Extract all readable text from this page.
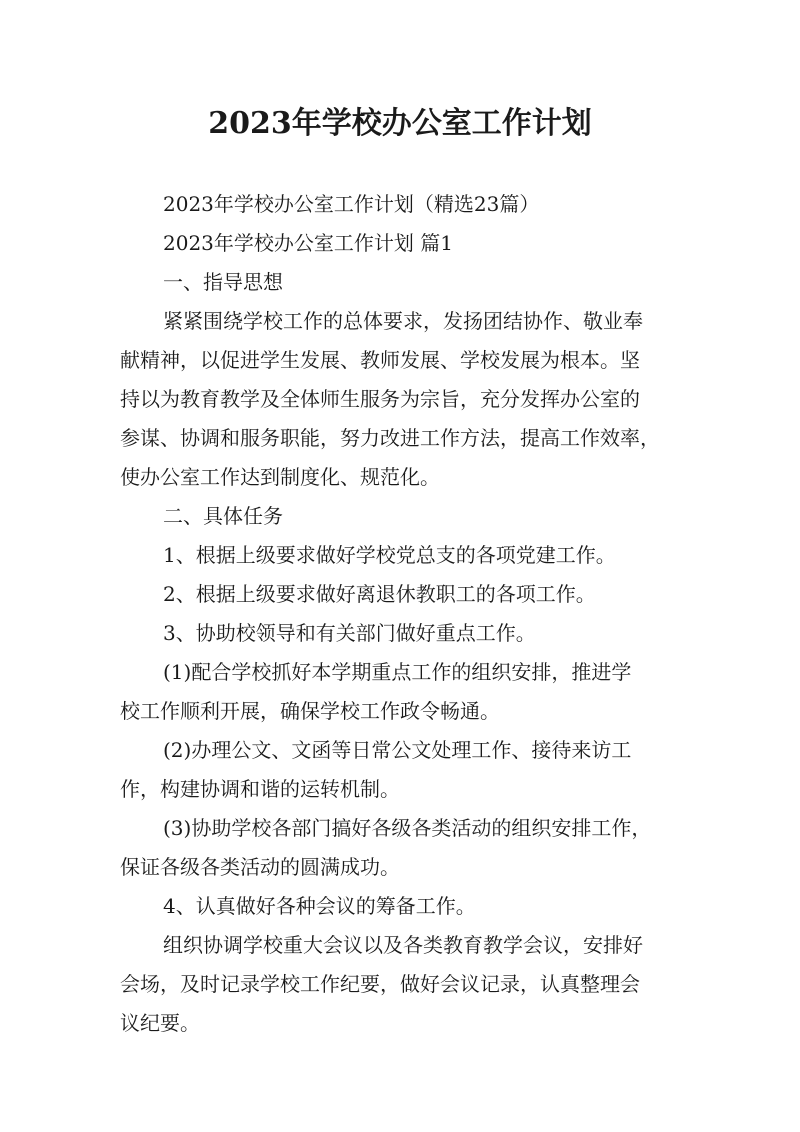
2023年学校办公室工作计划
2023年学校办公室工作计划（精选23篇）
2023年学校办公室工作计划 篇1
一、指导思想
紧紧围绕学校工作的总体要求，发扬团结协作、敬业奉
献精神，以促进学生发展、教师发展、学校发展为根本。坚
持以为教育教学及全体师生服务为宗旨，充分发挥办公室的
参谋、协调和服务职能，努力改进工作方法，提高工作效率，
使办公室工作达到制度化、规范化。
二、具体任务
1、根据上级要求做好学校党总支的各项党建工作。
2、根据上级要求做好离退休教职工的各项工作。
3、协助校领导和有关部门做好重点工作。
(1)配合学校抓好本学期重点工作的组织安排，推进学
校工作顺利开展，确保学校工作政令畅通。
(2)办理公文、文函等日常公文处理工作、接待来访工
作，构建协调和谐的运转机制。
(3)协助学校各部门搞好各级各类活动的组织安排工作，
保证各级各类活动的圆满成功。
4、认真做好各种会议的筹备工作。
组织协调学校重大会议以及各类教育教学会议，安排好
会场，及时记录学校工作纪要，做好会议记录，认真整理会
议纪要。
